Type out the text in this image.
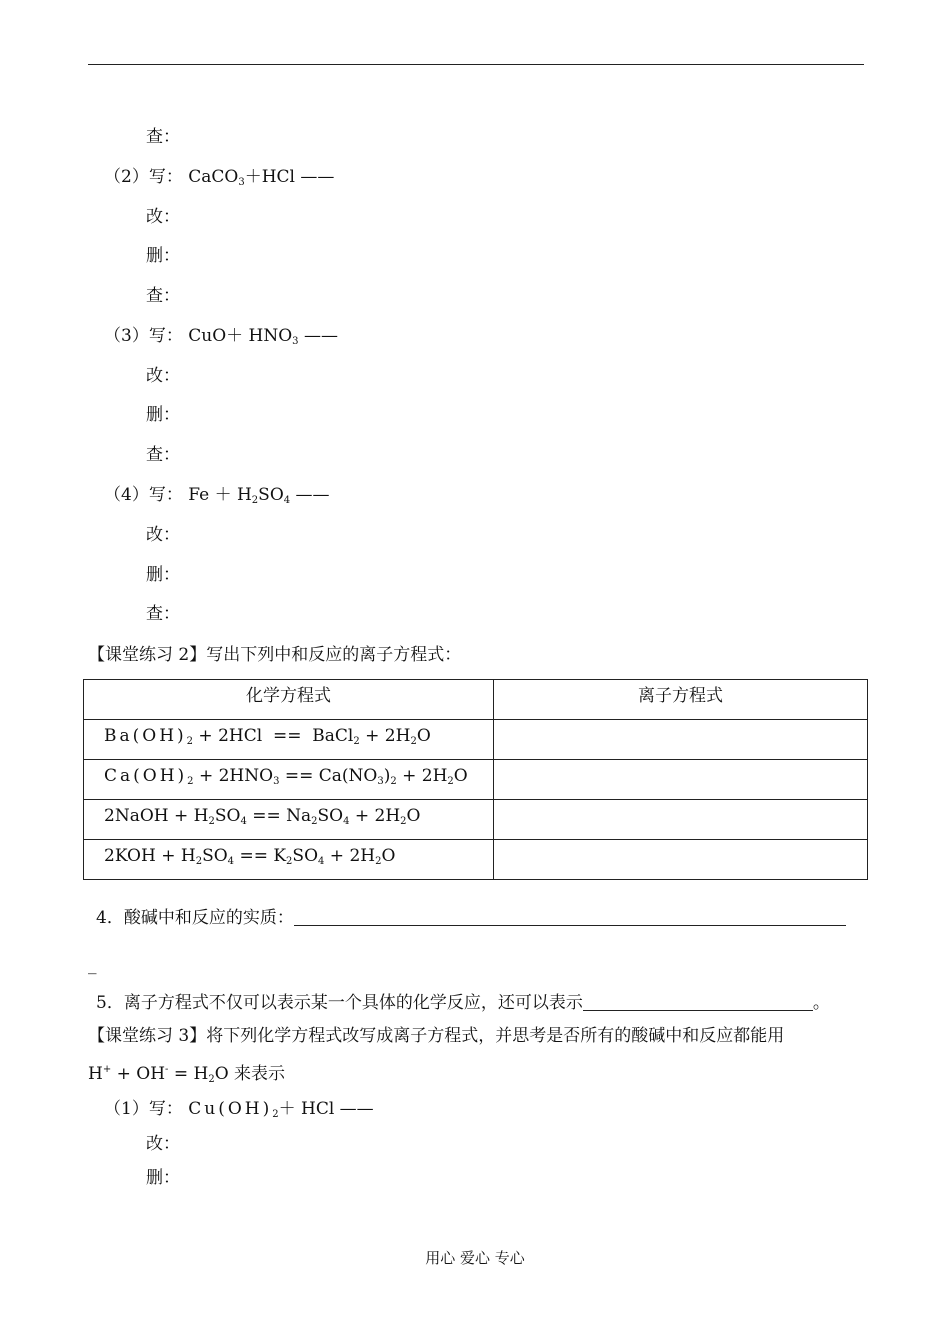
查：
（2）写： CaCO$_3$＋HCl ——
改：
删：
查：
（3）写： $CuO+ HNO_3$ ——
改：
删：
查：
（4）写： $Fe + H_2SO_4$ ——
改：
删：
查：
【课堂练习 2】写出下列中和反应的离子方程式：
化学方程式	离子方程式
$Ba(OH)_2 + 2HCl$  ==  BaCl$_2$ + $2H_2O$	
$Ca(OH)_2 + 2HNO_3 == Ca(NO_3)_2 + 2H_2O$	
2NaOH + $H_2SO_4 == Na_2SO_4 + 2H_2O$	
$2KOH + H_2SO_4 == K_2SO_4 + 2H_2O$	
4．酸碱中和反应的实质：
_
5．离子方程式不仅可以表示某一个具体的化学反应，还可以表示	。
【课堂练习 3】将下列化学方程式改写成离子方程式，并思考是否所有的酸碱中和反应都能用
$H^+ + OH^- = H_2O$ 来表示
（1）写： $Cu(OH)_2+$ HCl ——
改：
删：
用心 爱心 专心
